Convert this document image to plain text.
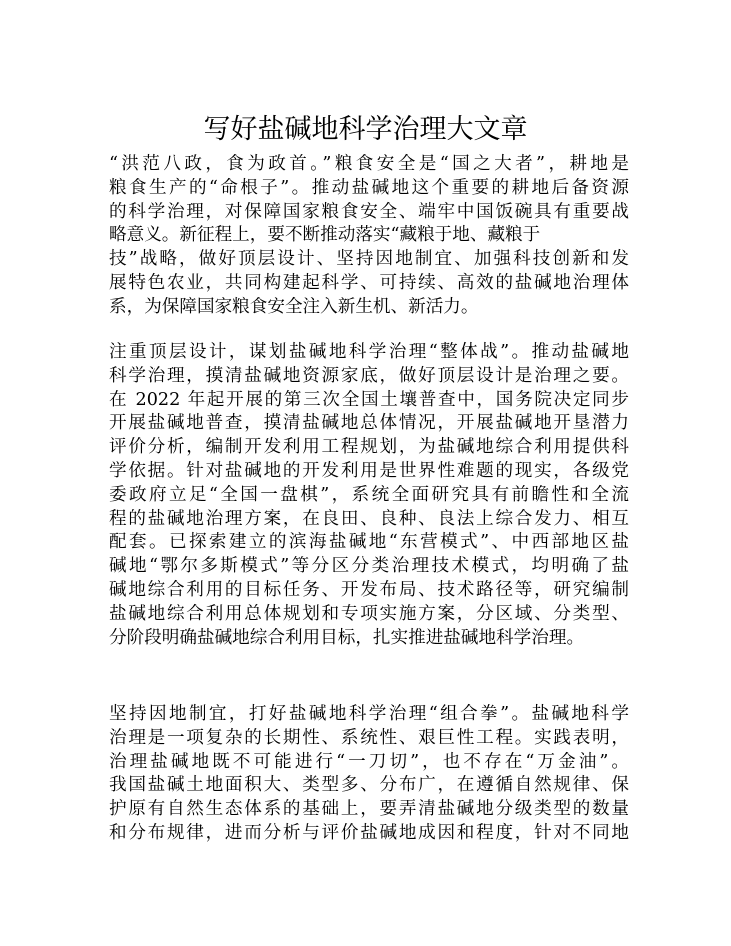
写好盐碱地科学治理大文章
“洪范八政，食为政首。”粮食安全是“国之大者”，耕地是
粮食生产的“命根子”。推动盐碱地这个重要的耕地后备资源
的科学治理，对保障国家粮食安全、端牢中国饭碗具有重要战
略意义。新征程上，要不断推动落实“藏粮于地、藏粮于
技”战略，做好顶层设计、坚持因地制宜、加强科技创新和发
展特色农业，共同构建起科学、可持续、高效的盐碱地治理体
系，为保障国家粮食安全注入新生机、新活力。
注重顶层设计，谋划盐碱地科学治理“整体战”。推动盐碱地
科学治理，摸清盐碱地资源家底，做好顶层设计是治理之要。
在 2022 年起开展的第三次全国土壤普查中，国务院决定同步
开展盐碱地普查，摸清盐碱地总体情况，开展盐碱地开垦潜力
评价分析，编制开发利用工程规划，为盐碱地综合利用提供科
学依据。针对盐碱地的开发利用是世界性难题的现实，各级党
委政府立足“全国一盘棋”，系统全面研究具有前瞻性和全流
程的盐碱地治理方案，在良田、良种、良法上综合发力、相互
配套。已探索建立的滨海盐碱地“东营模式”、中西部地区盐
碱地“鄂尔多斯模式”等分区分类治理技术模式，均明确了盐
碱地综合利用的目标任务、开发布局、技术路径等，研究编制
盐碱地综合利用总体规划和专项实施方案，分区域、分类型、
分阶段明确盐碱地综合利用目标，扎实推进盐碱地科学治理。
坚持因地制宜，打好盐碱地科学治理“组合拳”。盐碱地科学
治理是一项复杂的长期性、系统性、艰巨性工程。实践表明，
治理盐碱地既不可能进行“一刀切”，也不存在“万金油”。
我国盐碱土地面积大、类型多、分布广，在遵循自然规律、保
护原有自然生态体系的基础上，要弄清盐碱地分级类型的数量
和分布规律，进而分析与评价盐碱地成因和程度，针对不同地
